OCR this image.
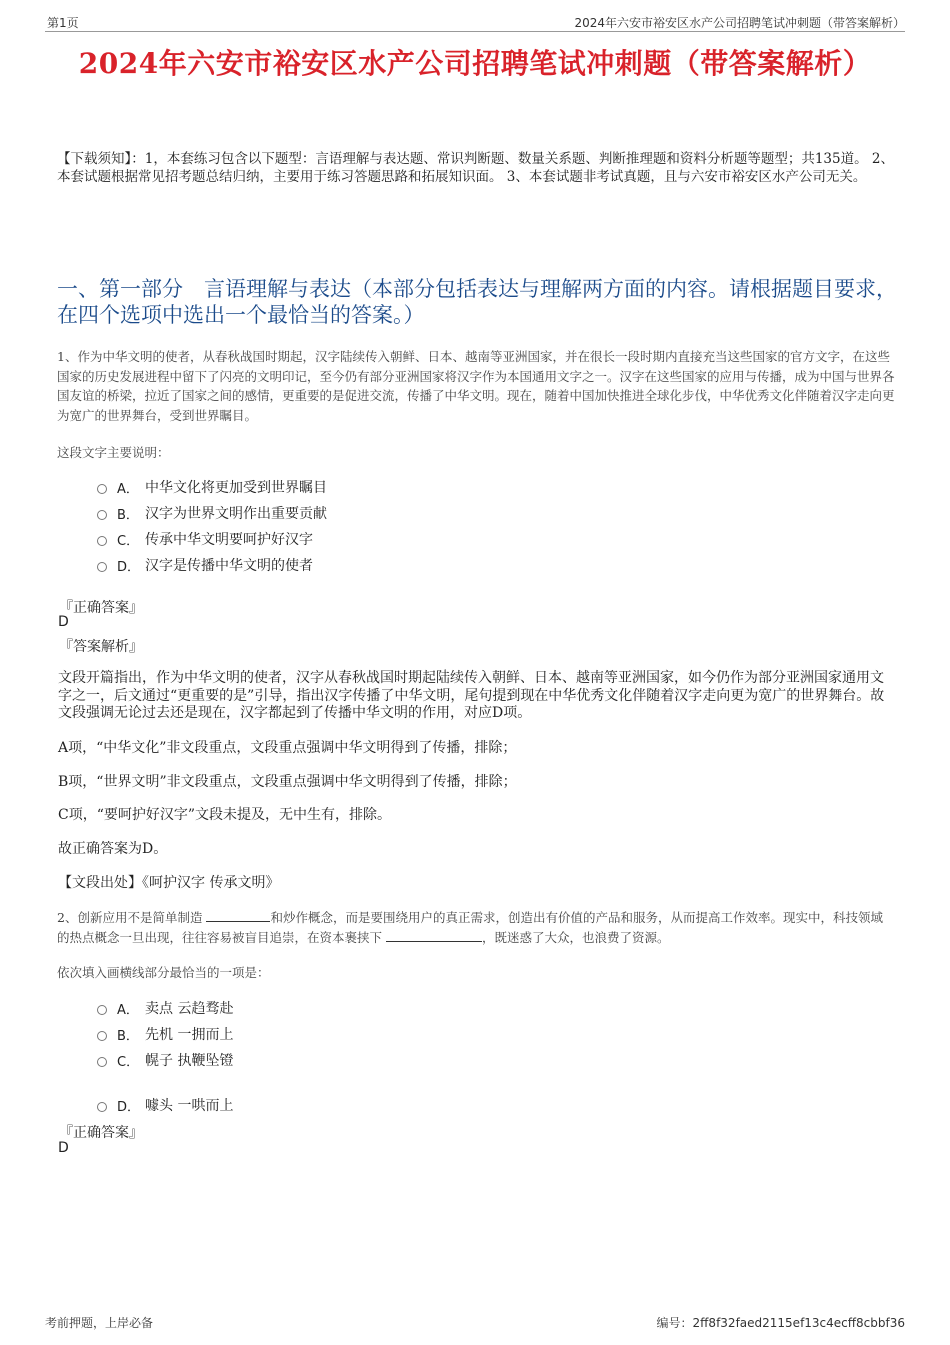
第1页	2024年六安市裕安区水产公司招聘笔试冲刺题（带答案解析）
2024年六安市裕安区水产公司招聘笔试冲刺题（带答案解析）
【下载须知】：1，本套练习包含以下题型：言语理解与表达题、常识判断题、数量关系题、判断推理题和资料分析题等题型；共135道。 2、本套试题根据常见招考题总结归纳，主要用于练习答题思路和拓展知识面。 3、本套试题非考试真题，且与六安市裕安区水产公司无关。
一、第一部分　言语理解与表达（本部分包括表达与理解两方面的内容。请根据题目要求，在四个选项中选出一个最恰当的答案。）
1、作为中华文明的使者，从春秋战国时期起，汉字陆续传入朝鲜、日本、越南等亚洲国家，并在很长一段时期内直接充当这些国家的官方文字，在这些国家的历史发展进程中留下了闪亮的文明印记，至今仍有部分亚洲国家将汉字作为本国通用文字之一。汉字在这些国家的应用与传播，成为中国与世界各国友谊的桥梁，拉近了国家之间的感情，更重要的是促进交流，传播了中华文明。现在，随着中国加快推进全球化步伐，中华优秀文化伴随着汉字走向更为宽广的世界舞台，受到世界瞩目。
这段文字主要说明：
A． 中华文化将更加受到世界瞩目
B． 汉字为世界文明作出重要贡献
C． 传承中华文明要呵护好汉字
D． 汉字是传播中华文明的使者
『正确答案』
D
『答案解析』
文段开篇指出，作为中华文明的使者，汉字从春秋战国时期起陆续传入朝鲜、日本、越南等亚洲国家，如今仍作为部分亚洲国家通用文字之一，后文通过“更重要的是”引导，指出汉字传播了中华文明，尾句提到现在中华优秀文化伴随着汉字走向更为宽广的世界舞台。故文段强调无论过去还是现在，汉字都起到了传播中华文明的作用，对应D项。
A项，“中华文化”非文段重点，文段重点强调中华文明得到了传播，排除；
B项，“世界文明”非文段重点，文段重点强调中华文明得到了传播，排除；
C项，“要呵护好汉字”文段未提及，无中生有，排除。
故正确答案为D。
【文段出处】《呵护汉字 传承文明》
2、创新应用不是简单制造	和炒作概念，而是要围绕用户的真正需求，创造出有价值的产品和服务，从而提高工作效率。现实中，科技领域的热点概念一旦出现，往往容易被盲目追崇，在资本裹挟下	，既迷惑了大众，也浪费了资源。
依次填入画横线部分最恰当的一项是：
A． 卖点 云趋骛赴
B． 先机 一拥而上
C． 幌子 执鞭坠镫
D． 噱头 一哄而上
『正确答案』
D
考前押题，上岸必备	编号：2ff8f32faed2115ef13c4ecff8cbbf36
